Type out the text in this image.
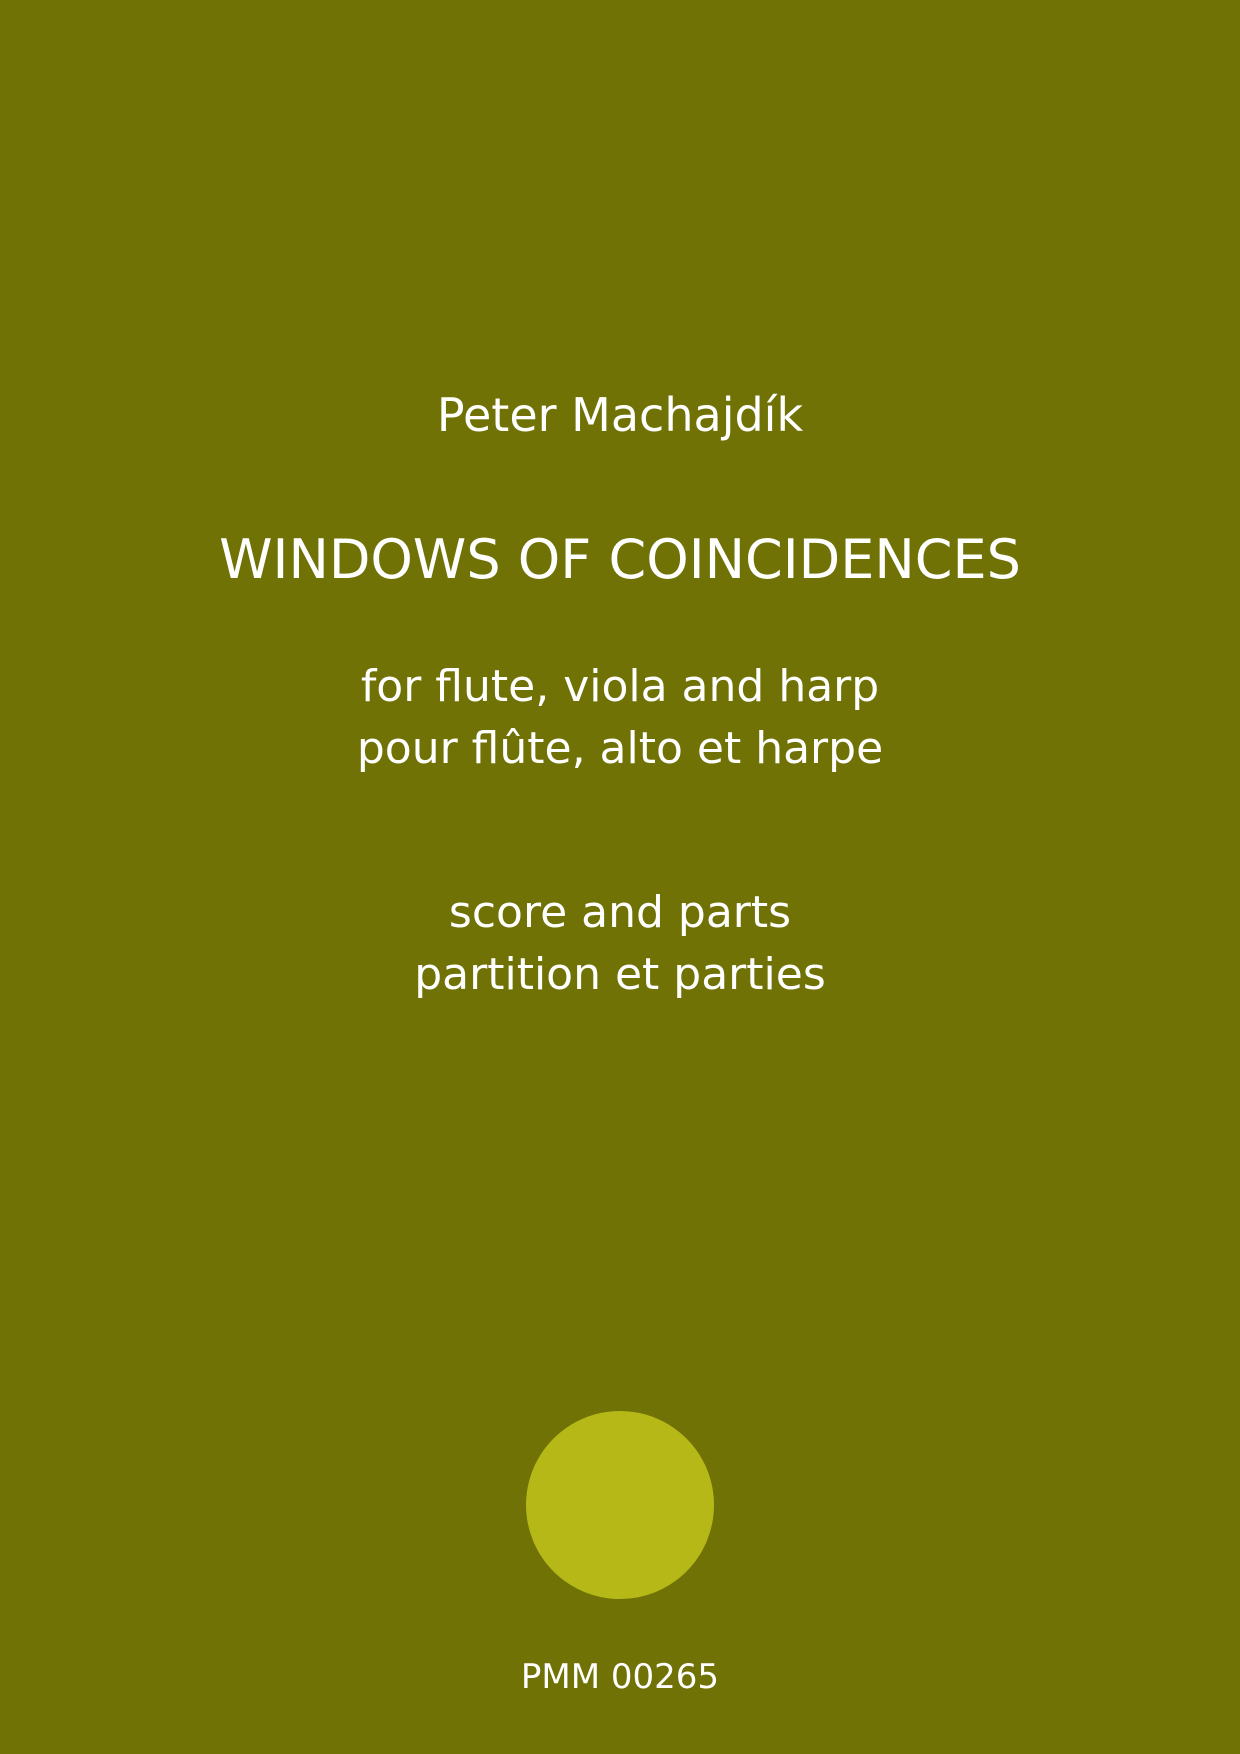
Peter Machajdík
WINDOWS OF COINCIDENCES
for flute, viola and harp
pour flûte, alto et harpe
score and parts
partition et parties
PMM 00265
